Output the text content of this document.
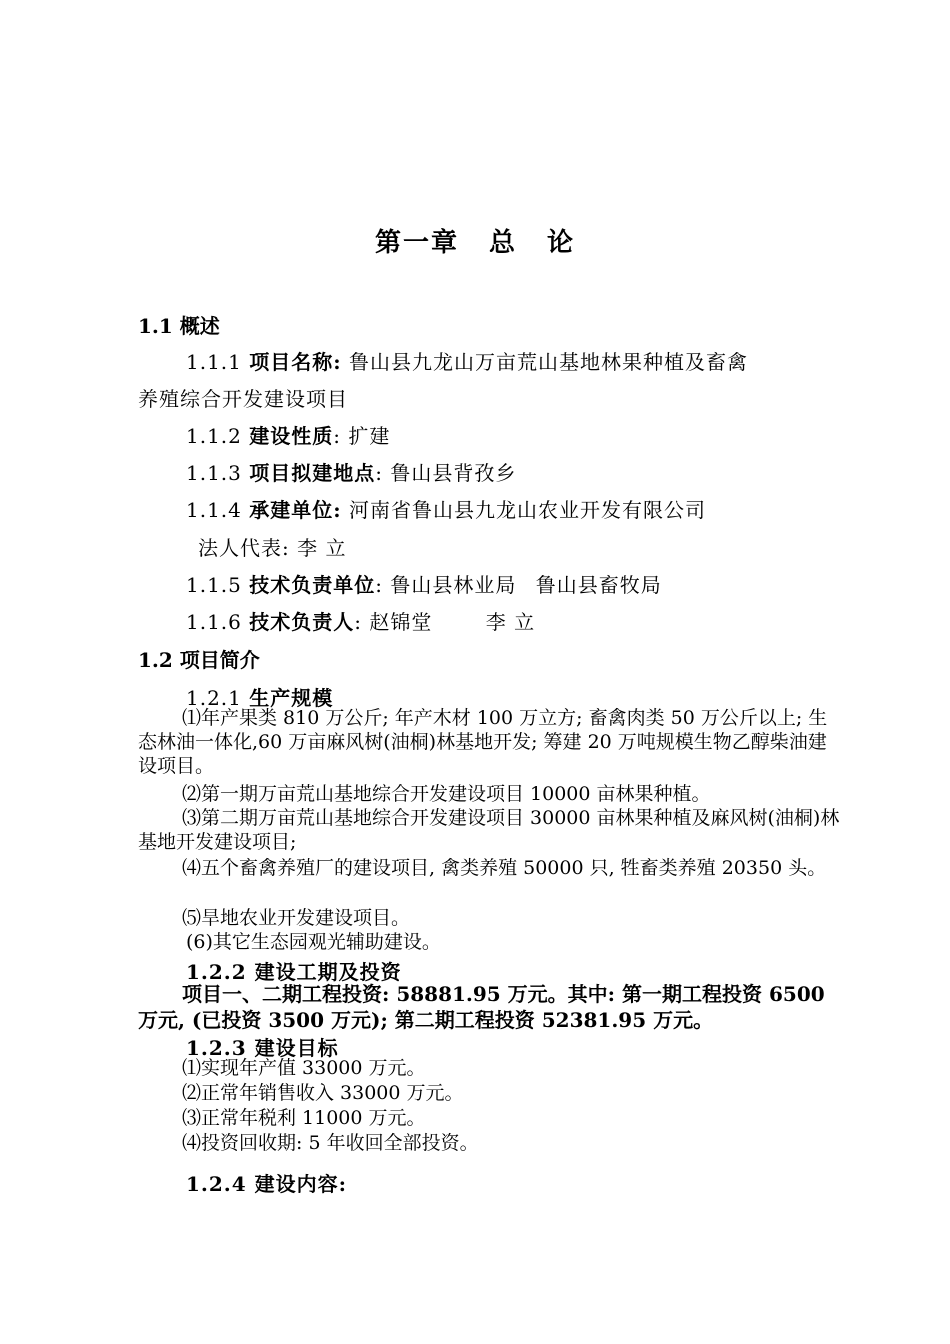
第一章 总 论
1.1 概述
1.1.1 项目名称: 鲁山县九龙山万亩荒山基地林果种植及畜禽
养殖综合开发建设项目
1.1.2 建设性质: 扩建
1.1.3 项目拟建地点: 鲁山县背孜乡
1.1.4 承建单位: 河南省鲁山县九龙山农业开发有限公司
法人代表: 李 立
1.1.5 技术负责单位: 鲁山县林业局 鲁山县畜牧局
1.1.6 技术负责人: 赵锦堂	李 立
1.2 项目简介
1.2.1 生产规模
⑴年产果类 810 万公斤; 年产木材 100 万立方; 畜禽肉类 50 万公斤以上; 生态林油一体化,60 万亩麻风树(油桐)林基地开发; 筹建 20 万吨规模生物乙醇柴油建设项目。
⑵第一期万亩荒山基地综合开发建设项目 10000 亩林果种植。
⑶第二期万亩荒山基地综合开发建设项目 30000 亩林果种植及麻风树(油桐)林基地开发建设项目;
⑷五个畜禽养殖厂的建设项目, 禽类养殖 50000 只, 牲畜类养殖 20350 头。
⑸旱地农业开发建设项目。
(6)其它生态园观光辅助建设。
1.2.2 建设工期及投资
项目一、二期工程投资: 58881.95 万元。其中: 第一期工程投资 6500 万元, (已投资 3500 万元); 第二期工程投资 52381.95 万元。
1.2.3 建设目标
⑴实现年产值 33000 万元。
⑵正常年销售收入 33000 万元。
⑶正常年税利 11000 万元。
⑷投资回收期: 5 年收回全部投资。
1.2.4 建设内容:
